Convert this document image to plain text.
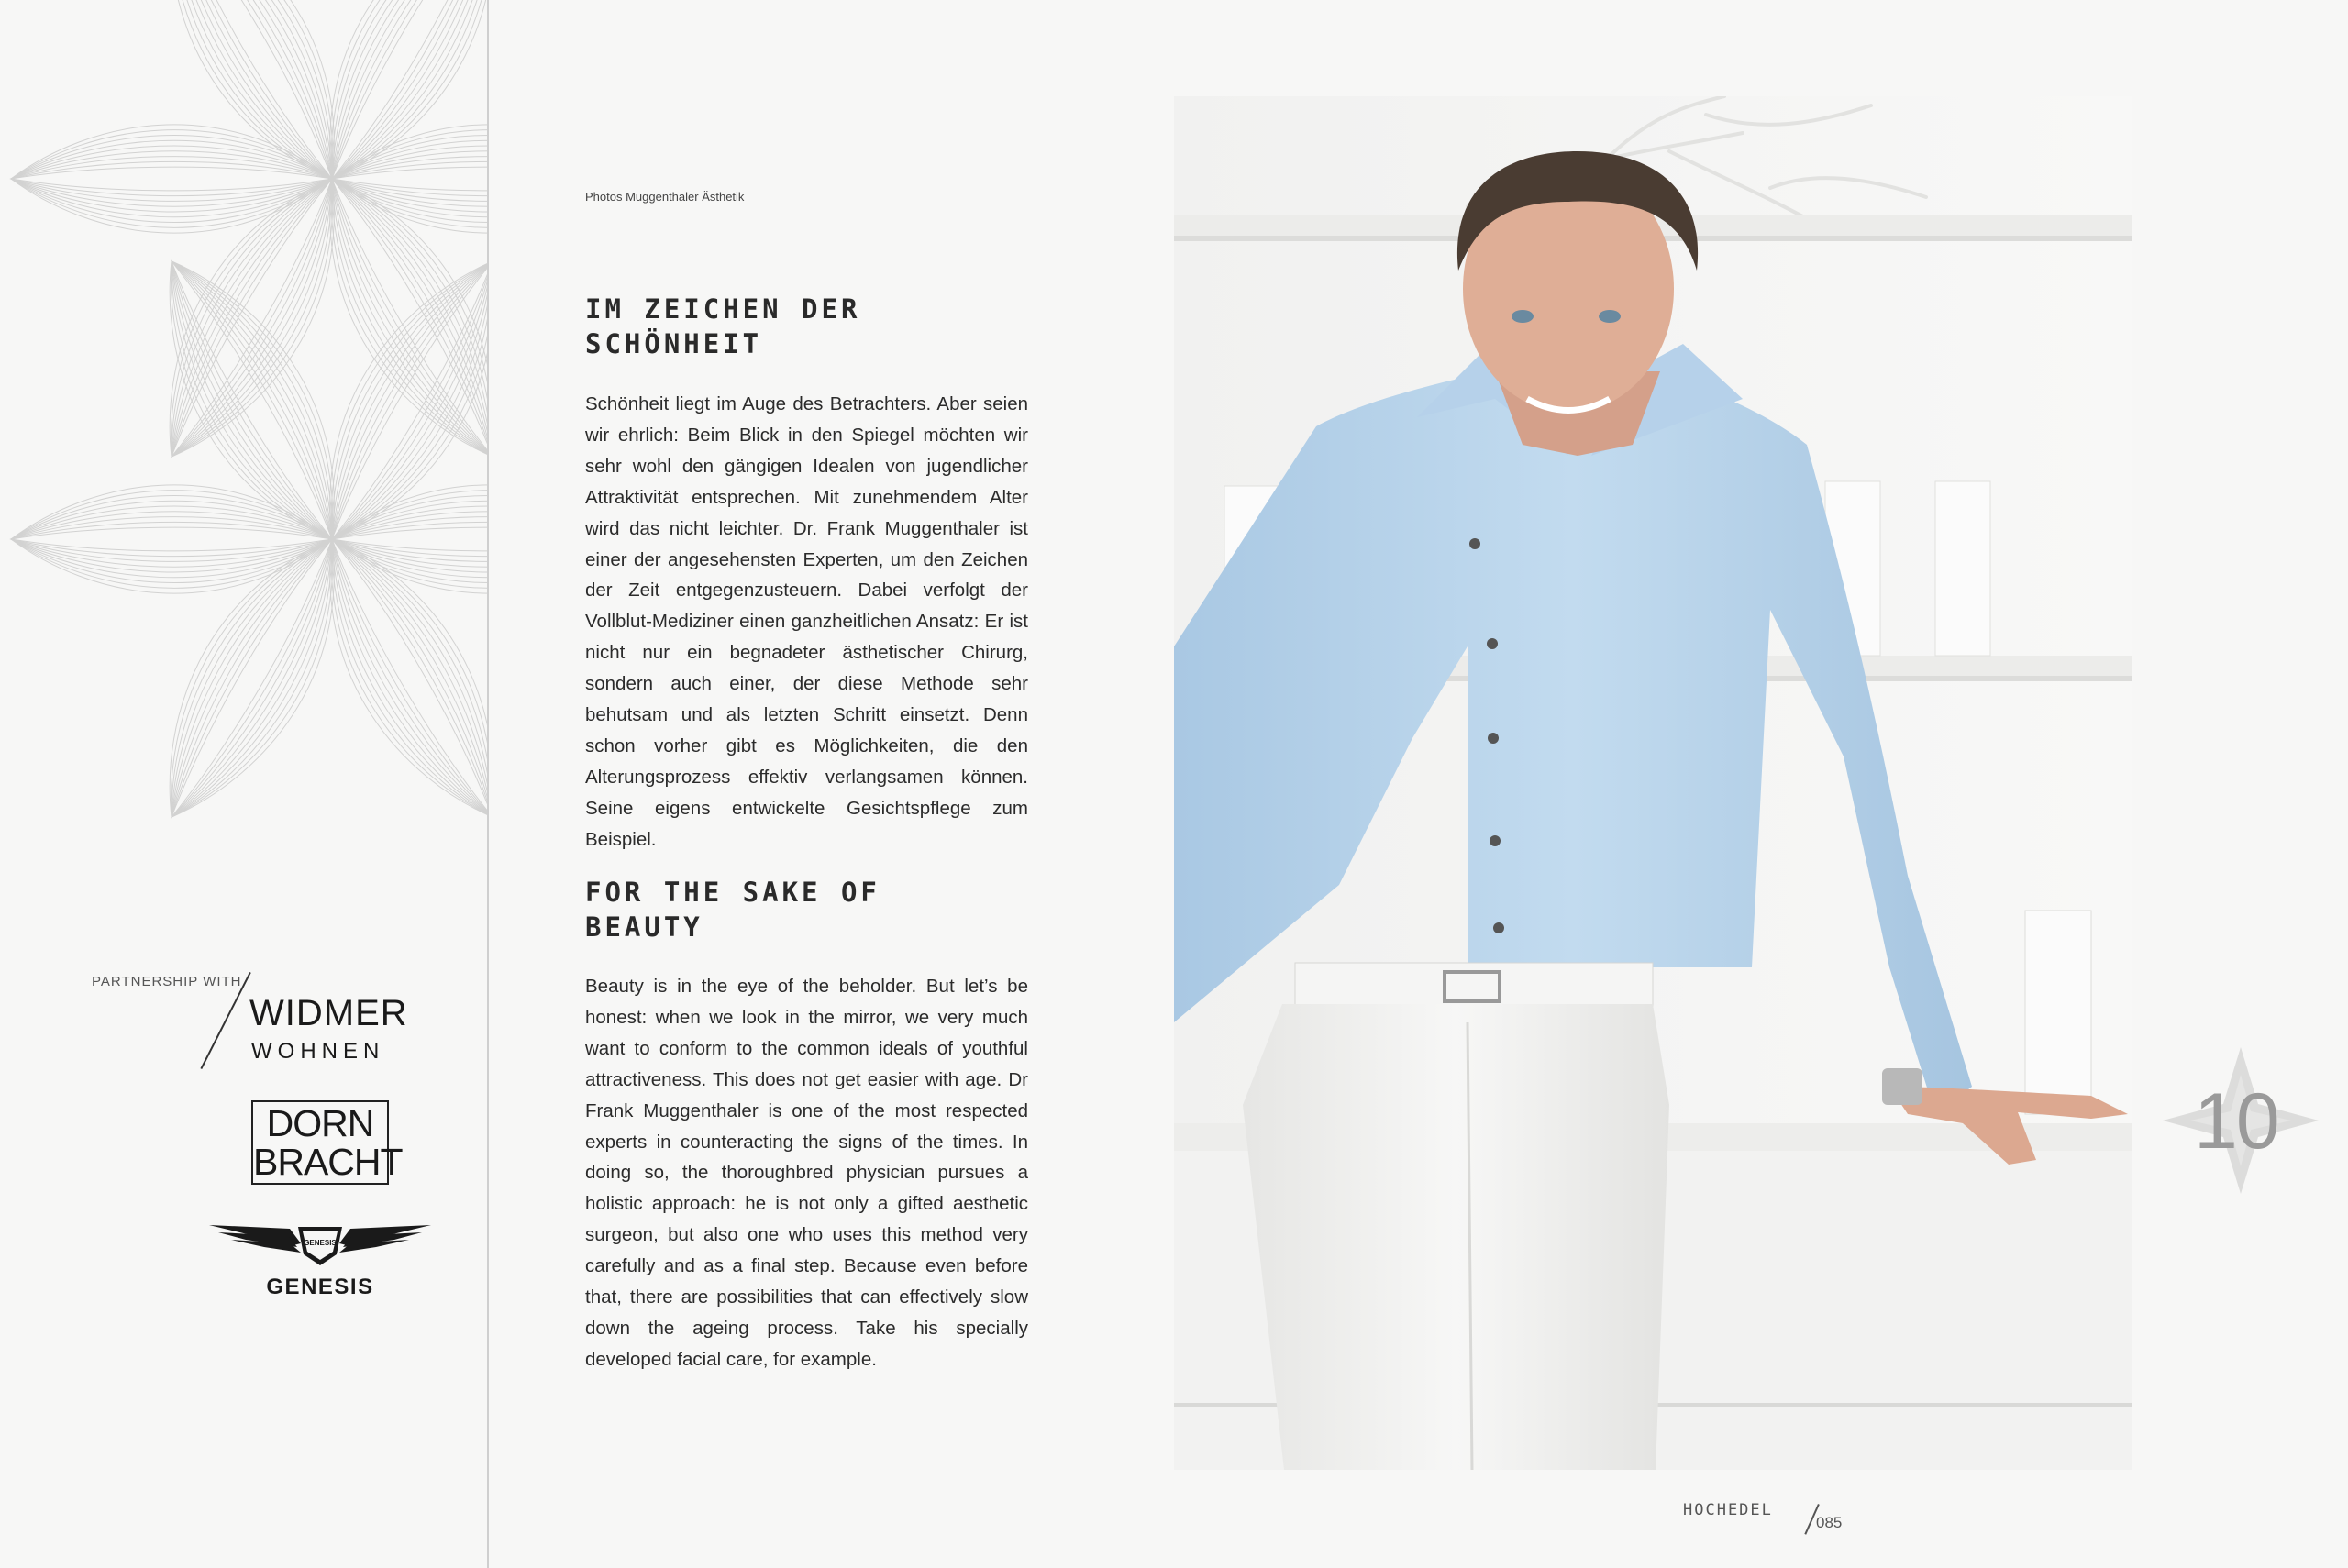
PARTNERSHIP WITH
WIDMER
WOHNEN
DORN
BRACHT
GENESIS
GENESIS
Photos Muggenthaler Ästhetik
IM ZEICHEN DER
SCHÖNHEIT

Schönheit liegt im Auge des Betrachters. Aber seien wir ehrlich: Beim Blick in den Spiegel möchten wir sehr wohl den gängigen Idealen von jugendlicher Attraktivität entsprechen. Mit zunehmendem Alter wird das nicht leichter. Dr. Frank Muggenthaler ist einer der angesehensten Experten, um den Zeichen der Zeit entgegenzusteuern. Dabei verfolgt der Vollblut-Mediziner einen ganzheitlichen Ansatz: Er ist nicht nur ein begnadeter ästhetischer Chirurg, sondern auch einer, der diese Methode sehr behutsam und als letzten Schritt einsetzt. Denn schon vorher gibt es Möglichkeiten, die den Alterungsprozess effektiv verlangsamen können. Seine eigens entwickelte Gesichtspflege zum Beispiel.

FOR THE SAKE OF
BEAUTY

Beauty is in the eye of the beholder. But let’s be honest: when we look in the mirror, we very much want to conform to the common ideals of youthful attractiveness. This does not get easier with age. Dr Frank Muggenthaler is one of the most respected experts in counteracting the signs of the times. In doing so, the thoroughbred physician pursues a holistic approach: he is not only a gifted aesthetic surgeon, but also one who uses this method very carefully and as a final step. Because even before that, there are possibilities that can effectively slow down the ageing process. Take his specially developed facial care, for example.

10
HOCHEDEL
085
